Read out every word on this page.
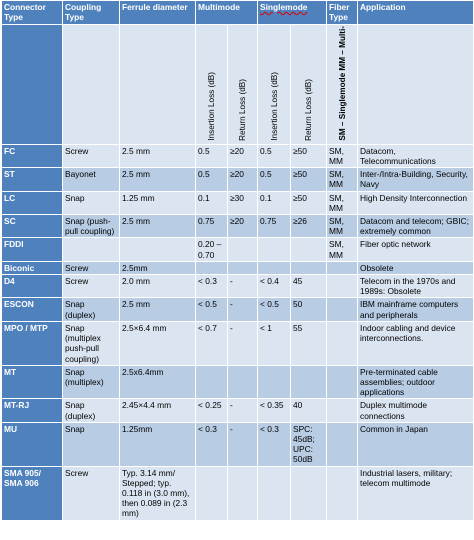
Connector Type	Coupling Type	Ferrule diameter	Multimode		Singlemode		Fiber Type	Application
			Insertion Loss (dB)	Return Loss (dB)	Insertion Loss (dB)	Return Loss (dB)	SM – Singlemode MM – Multi-	
FC	Screw	2.5 mm	0.5	≥20	0.5	≥50	SM, MM	Datacom, Telecommunications
ST	Bayonet	2.5 mm	0.5	≥20	0.5	≥50	SM, MM	Inter-/Intra-Building, Security, Navy
LC	Snap	1.25 mm	0.1	≥30	0.1	≥50	SM, MM	High Density Interconnection
SC	Snap (push-pull coupling)	2.5 mm	0.75	≥20	0.75	≥26	SM, MM	Datacom and telecom; GBIC; extremely common
FDDI			0.20 – 0.70				SM, MM	Fiber optic network
Biconic	Screw	2.5mm						Obsolete
D4	Screw	2.0 mm	< 0.3	-	< 0.4	45		Telecom in the 1970s and 1989s: Obsolete
ESCON	Snap (duplex)	2.5 mm	< 0.5	-	< 0.5	50		IBM mainframe computers and peripherals
MPO / MTP	Snap (multiplex push-pull coupling)	2.5×6.4 mm	< 0.7	-	< 1	55		Indoor cabling and device interconnections.
MT	Snap (multiplex)	2.5x6.4mm						Pre-terminated cable assemblies; outdoor applications
MT-RJ	Snap (duplex)	2.45×4.4 mm	< 0.25	-	< 0.35	40		Duplex multimode connections
MU	Snap	1.25mm	< 0.3	-	< 0.3	SPC: 45dB; UPC: 50dB		Common in Japan
SMA 905/ SMA 906	Screw	Typ. 3.14 mm/ Stepped; typ. 0.118 in (3.0 mm), then 0.089 in (2.3 mm)						Industrial lasers, military; telecom multimode
